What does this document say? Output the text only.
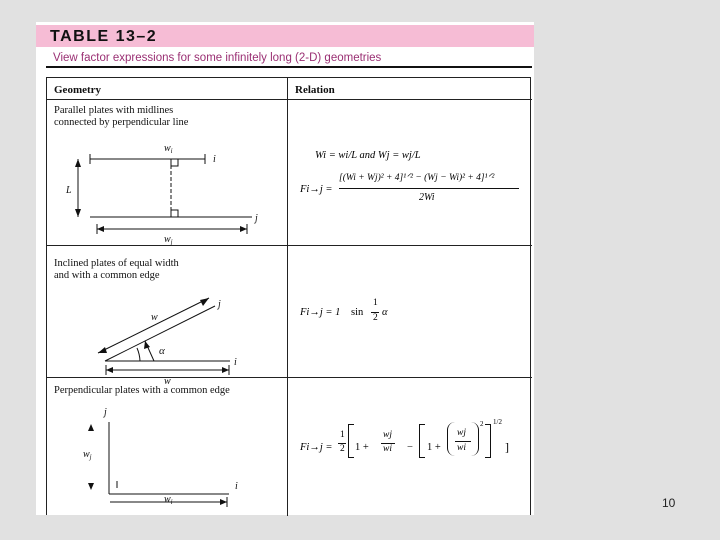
TABLE 13–2
View factor expressions for some infinitely long (2-D) geometries
Geometry	Relation
Parallel plates with midlines
connected by perpendicular line
$w_i$
i
L
j
$w_j$
Wi = wi/L and Wj = wj/L
Fi→j =
[(Wi + Wj)² + 4]¹ᐟ² − (Wj − Wi)² + 4]¹ᐟ²
2Wi
Inclined plates of equal width
and with a common edge
j
i
w
α
w
Fi→j = 1 sin
1
2 α
Perpendicular plates with a common edge
j
$w_j$
i
$w_i$
Fi→j =
1
2 1 +
wj
wi − 1 +
wj
wi
2 1/2
]
10
